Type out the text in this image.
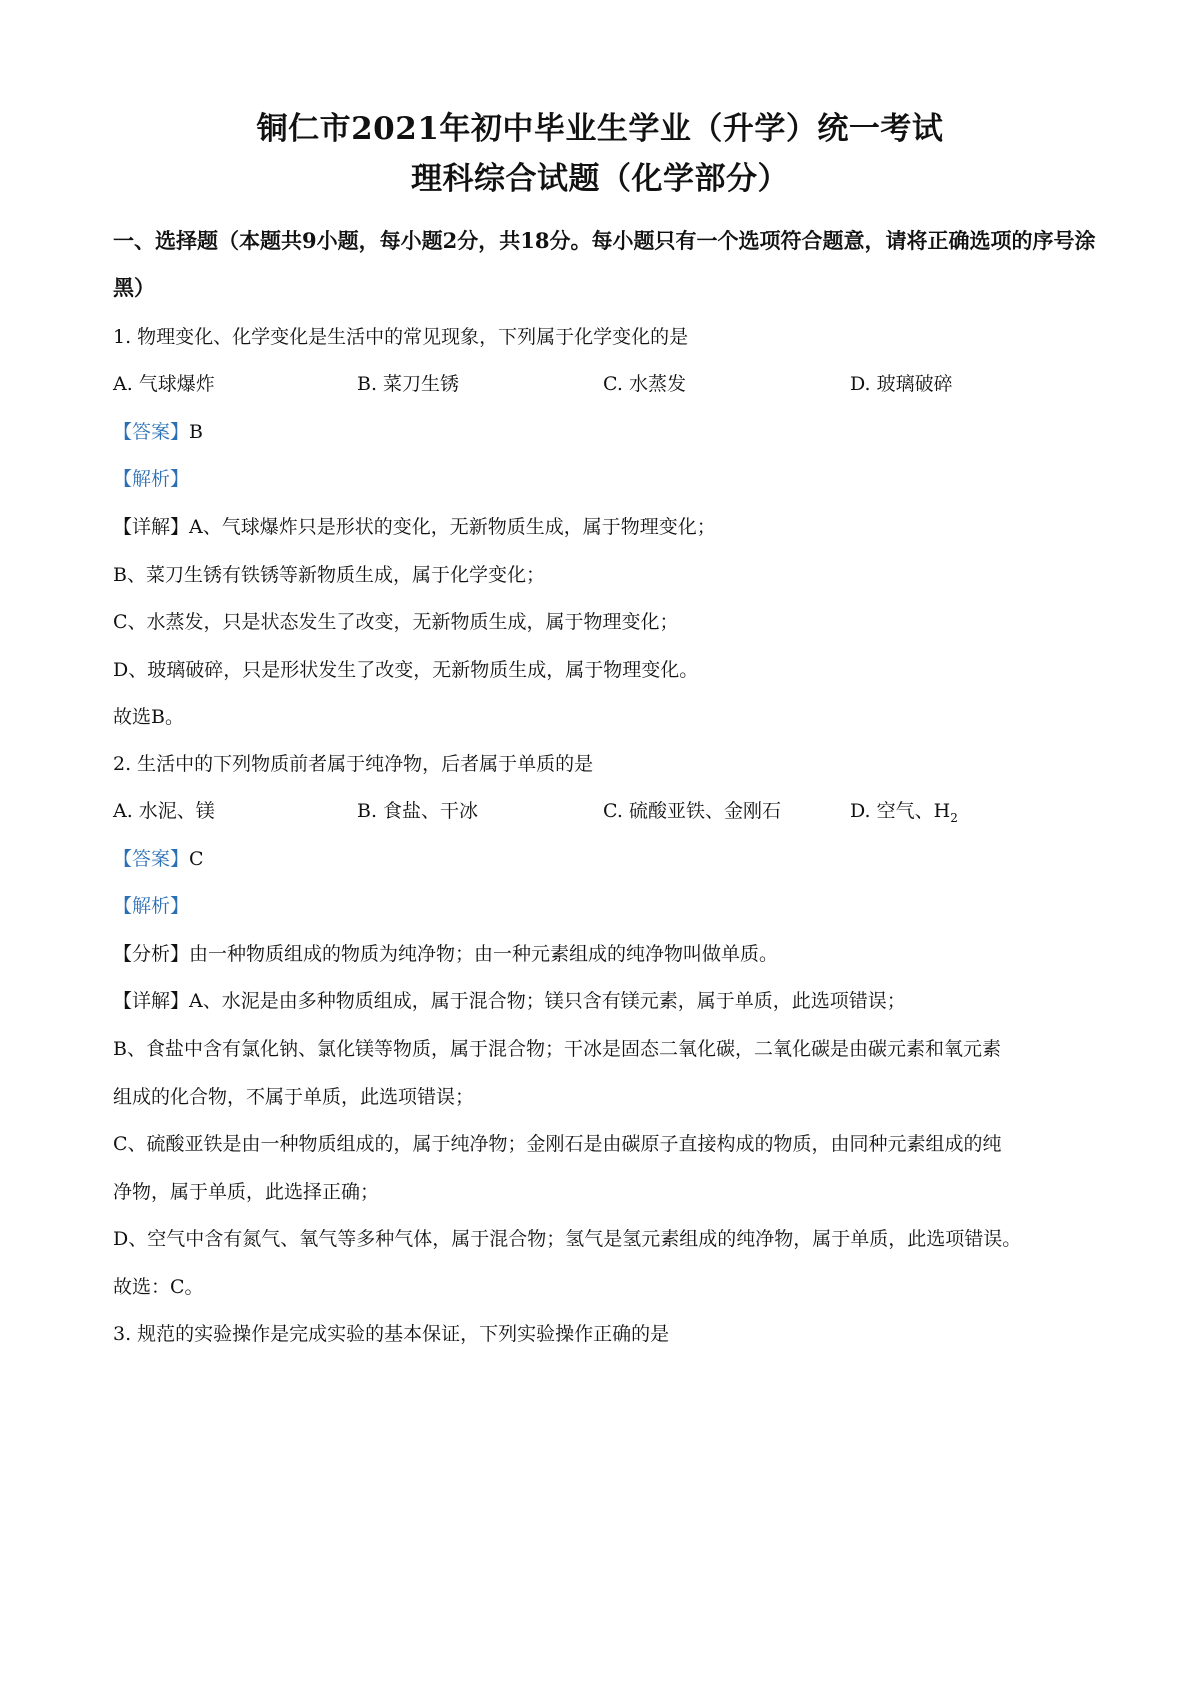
铜仁市2021年初中毕业生学业（升学）统一考试
理科综合试题（化学部分）
一、选择题（本题共9小题，每小题2分，共18分。每小题只有一个选项符合题意，请将正确选项的序号涂黑）
1. 物理变化、化学变化是生活中的常见现象，下列属于化学变化的是
A. 气球爆炸	B. 菜刀生锈	C. 水蒸发	D. 玻璃破碎
【答案】B
【解析】
【详解】A、气球爆炸只是形状的变化，无新物质生成，属于物理变化；
B、菜刀生锈有铁锈等新物质生成，属于化学变化；
C、水蒸发，只是状态发生了改变，无新物质生成，属于物理变化；
D、玻璃破碎，只是形状发生了改变，无新物质生成，属于物理变化。
故选B。
2. 生活中的下列物质前者属于纯净物，后者属于单质的是
A. 水泥、镁	B. 食盐、干冰	C. 硫酸亚铁、金刚石	D. 空气、$H_2$
【答案】C
【解析】
【分析】由一种物质组成的物质为纯净物；由一种元素组成的纯净物叫做单质。
【详解】A、水泥是由多种物质组成，属于混合物；镁只含有镁元素，属于单质，此选项错误；
B、食盐中含有氯化钠、氯化镁等物质，属于混合物；干冰是固态二氧化碳，二氧化碳是由碳元素和氧元素
组成的化合物，不属于单质，此选项错误；
C、硫酸亚铁是由一种物质组成的，属于纯净物；金刚石是由碳原子直接构成的物质，由同种元素组成的纯
净物，属于单质，此选择正确；
D、空气中含有氮气、氧气等多种气体，属于混合物；氢气是氢元素组成的纯净物，属于单质，此选项错误。
故选：C。
3. 规范的实验操作是完成实验的基本保证，下列实验操作正确的是
